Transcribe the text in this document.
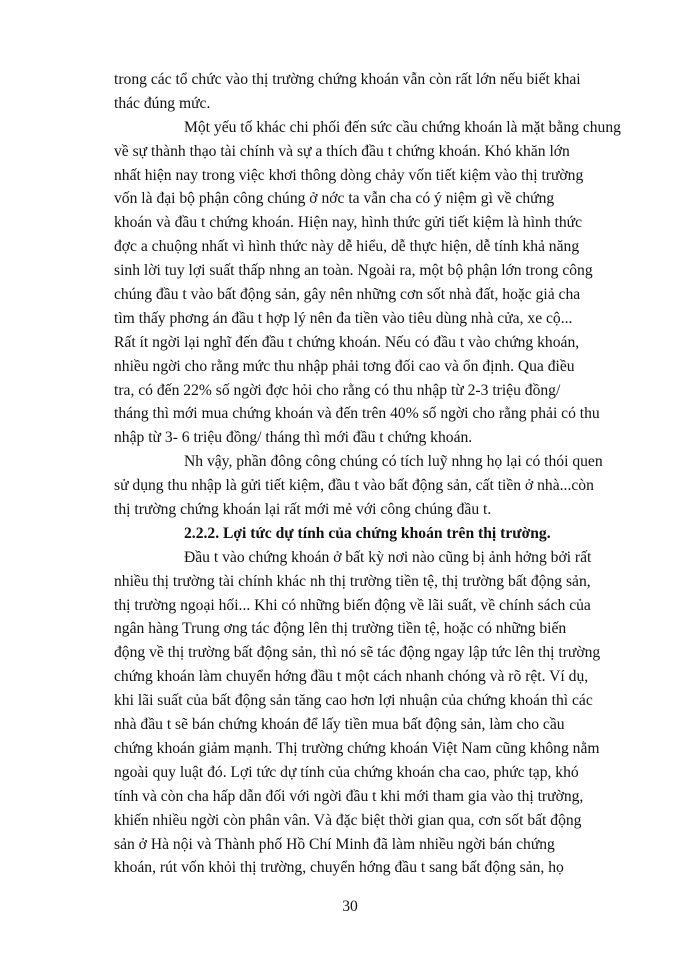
trong các tổ chức vào thị trường chứng khoán vẫn còn rất lớn nếu biết khai
thác đúng mức.
Một yếu tố khác chi phối đến sức cầu chứng khoán là mặt bằng chung
về sự thành thạo tài chính và sự a thích đầu t chứng khoán. Khó khăn lớn
nhất hiện nay trong việc khơi thông dòng chảy vốn tiết kiệm vào thị trường
vốn là đại bộ phận công chúng ở nớc ta vẫn cha có ý niệm gì về chứng
khoán và đầu t chứng khoán. Hiện nay, hình thức gửi tiết kiệm là hình thức
đợc a chuộng nhất vì hình thức này dễ hiểu, dễ thực hiện, dễ tính khả năng
sinh lời tuy lợi suất thấp nhng an toàn. Ngoài ra, một bộ phận lớn trong công
chúng đầu t vào bất động sản, gây nên những cơn sốt nhà đất, hoặc giả cha
tìm thấy phơng án đầu t hợp lý nên đa tiền vào tiêu dùng nhà cửa, xe cộ...
Rất ít ngời lại nghĩ đến đầu t chứng khoán. Nếu có đầu t vào chứng khoán,
nhiều ngời cho rằng mức thu nhập phải tơng đối cao và ổn định. Qua điều
tra, có đến 22% số ngời đợc hỏi cho rằng có thu nhập từ 2-3 triệu đồng/
tháng thì mới mua chứng khoán và đến trên 40% số ngời cho rằng phải có thu
nhập từ 3- 6 triệu đồng/ tháng thì mới đầu t chứng khoán.
Nh vậy, phần đông công chúng có tích luỹ nhng họ lại có thói quen
sử dụng thu nhập là gửi tiết kiệm, đầu t vào bất động sản, cất tiền ở nhà...còn
thị trường chứng khoán lại rất mới mẻ với công chúng đầu t.
2.2.2. Lợi tức dự tính của chứng khoán trên thị trường.
Đầu t vào chứng khoán ở bất kỳ nơi nào cũng bị ảnh hởng bởi rất
nhiều thị trường tài chính khác nh thị trường tiền tệ, thị trường bất động sản,
thị trường ngoại hối... Khi có những biến động về lãi suất, về chính sách của
ngân hàng Trung ơng tác động lên thị trường tiền tệ, hoặc có những biến
động về thị trường bất động sản, thì nó sẽ tác động ngay lập tức lên thị trường
chứng khoán làm chuyển hớng đầu t một cách nhanh chóng và rõ rệt. Ví dụ,
khi lãi suất của bất động sản tăng cao hơn lợi nhuận của chứng khoán thì các
nhà đầu t sẽ bán chứng khoán để lấy tiền mua bất động sản, làm cho cầu
chứng khoán giảm mạnh. Thị trường chứng khoán Việt Nam cũng không nằm
ngoài quy luật đó. Lợi tức dự tính của chứng khoán cha cao, phức tạp, khó
tính và còn cha hấp dẫn đối với ngời đầu t khi mới tham gia vào thị trường,
khiến nhiều ngời còn phân vân. Và đặc biệt thời gian qua, cơn sốt bất động
sản ở Hà nội và Thành phố Hồ Chí Minh đã làm nhiều ngời bán chứng
khoán, rút vốn khỏi thị trường, chuyển hớng đầu t sang bất động sản, họ
30
